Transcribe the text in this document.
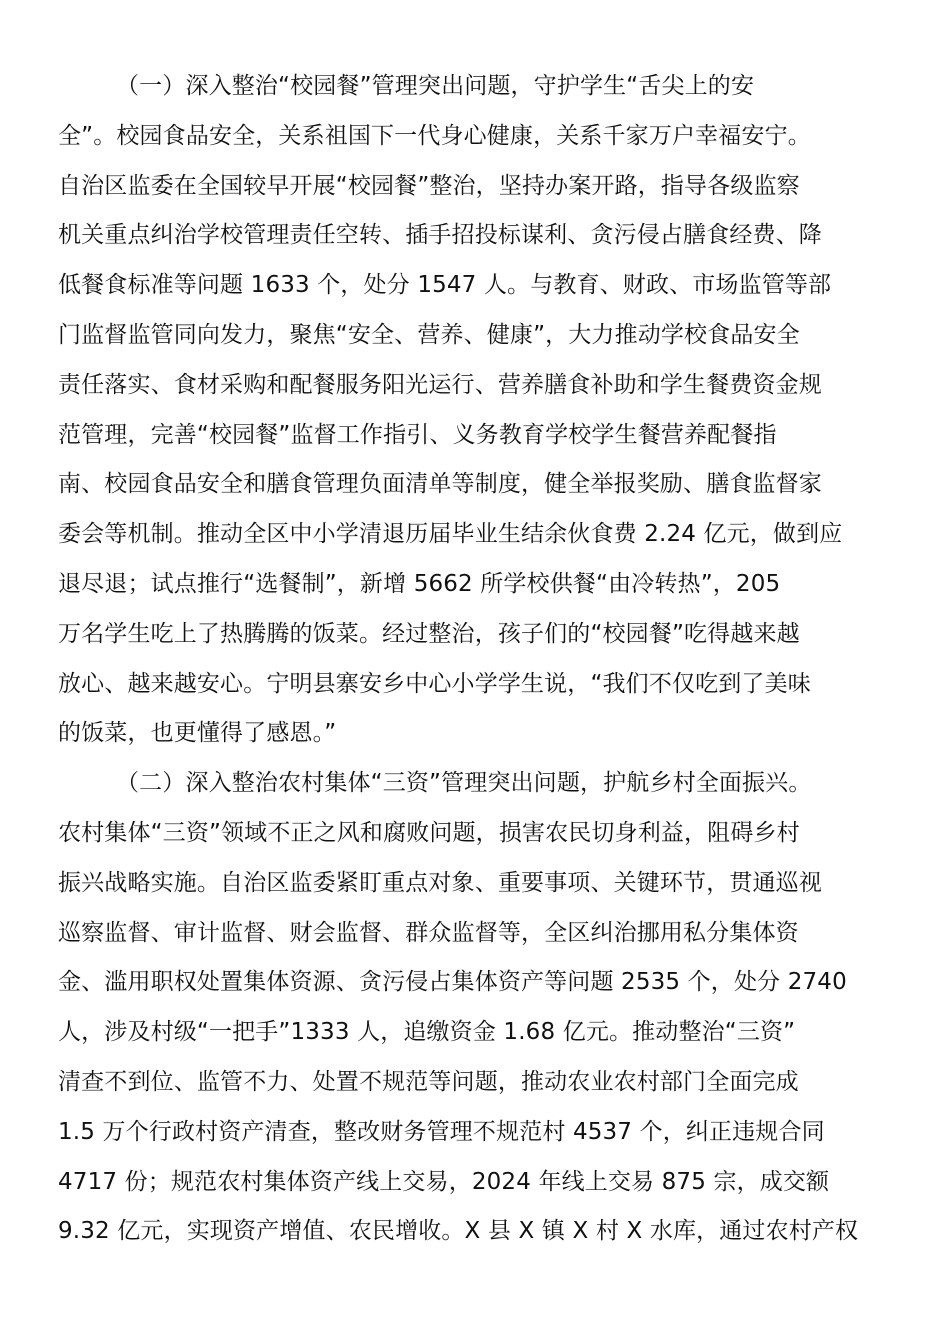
（一）深入整治“校园餐”管理突出问题，守护学生“舌尖上的安
全”。校园食品安全，关系祖国下一代身心健康，关系千家万户幸福安宁。
自治区监委在全国较早开展“校园餐”整治，坚持办案开路，指导各级监察
机关重点纠治学校管理责任空转、插手招投标谋利、贪污侵占膳食经费、降
低餐食标准等问题 1633 个，处分 1547 人。与教育、财政、市场监管等部
门监督监管同向发力，聚焦“安全、营养、健康”，大力推动学校食品安全
责任落实、食材采购和配餐服务阳光运行、营养膳食补助和学生餐费资金规
范管理，完善“校园餐”监督工作指引、义务教育学校学生餐营养配餐指
南、校园食品安全和膳食管理负面清单等制度，健全举报奖励、膳食监督家
委会等机制。推动全区中小学清退历届毕业生结余伙食费 2.24 亿元，做到应
退尽退；试点推行“选餐制”，新增 5662 所学校供餐“由冷转热”，205
万名学生吃上了热腾腾的饭菜。经过整治，孩子们的“校园餐”吃得越来越
放心、越来越安心。宁明县寨安乡中心小学学生说，“我们不仅吃到了美味
的饭菜，也更懂得了感恩。”
（二）深入整治农村集体“三资”管理突出问题，护航乡村全面振兴。
农村集体“三资”领域不正之风和腐败问题，损害农民切身利益，阻碍乡村
振兴战略实施。自治区监委紧盯重点对象、重要事项、关键环节，贯通巡视
巡察监督、审计监督、财会监督、群众监督等，全区纠治挪用私分集体资
金、滥用职权处置集体资源、贪污侵占集体资产等问题 2535 个，处分 2740
人，涉及村级“一把手”1333 人，追缴资金 1.68 亿元。推动整治“三资”
清查不到位、监管不力、处置不规范等问题，推动农业农村部门全面完成
1.5 万个行政村资产清查，整改财务管理不规范村 4537 个，纠正违规合同
4717 份；规范农村集体资产线上交易，2024 年线上交易 875 宗，成交额
9.32 亿元，实现资产增值、农民增收。X 县 X 镇 X 村 X 水库，通过农村产权
